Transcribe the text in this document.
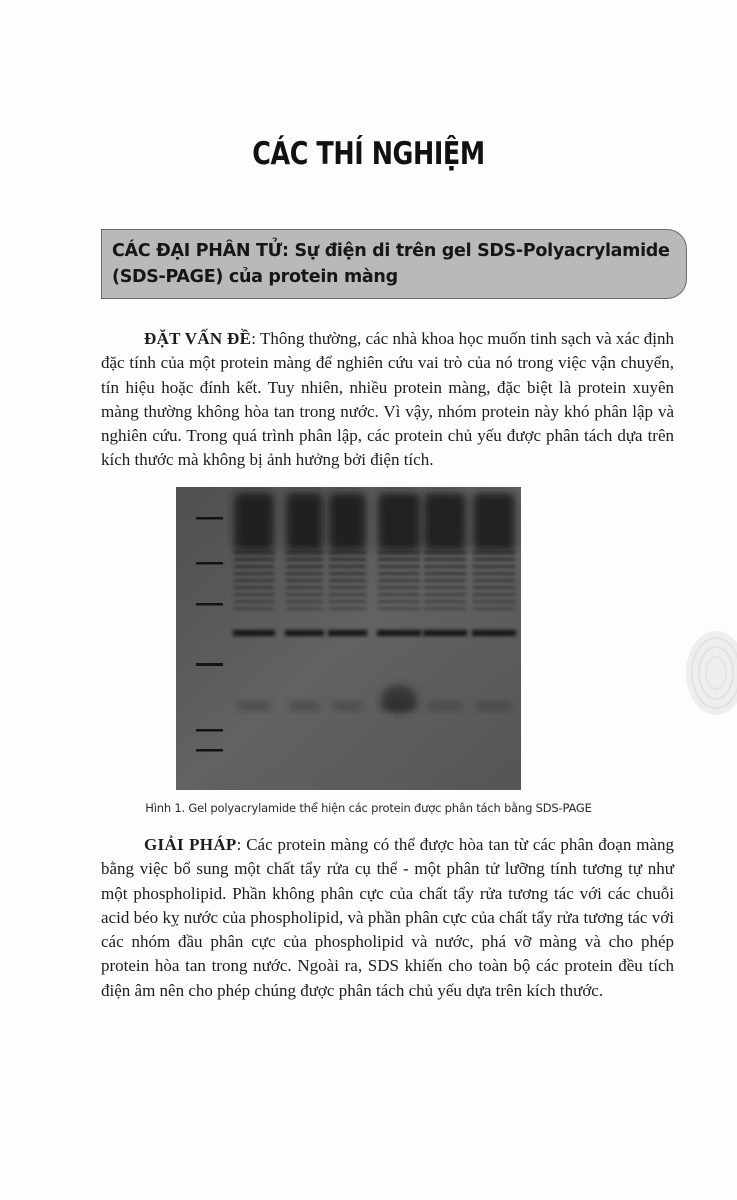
CÁC THÍ NGHIỆM
CÁC ĐẠI PHÂN TỬ: Sự điện di trên gel SDS-Polyacrylamide (SDS-PAGE) của protein màng
ĐẶT VẤN ĐỀ: Thông thường, các nhà khoa học muốn tinh sạch và xác định đặc tính của một protein màng để nghiên cứu vai trò của nó trong việc vận chuyển, tín hiệu hoặc đính kết. Tuy nhiên, nhiều protein màng, đặc biệt là protein xuyên màng thường không hòa tan trong nước. Vì vậy, nhóm protein này khó phân lập và nghiên cứu. Trong quá trình phân lập, các protein chủ yếu được phân tách dựa trên kích thước mà không bị ảnh hưởng bởi điện tích.
Hình 1. Gel polyacrylamide thể hiện các protein được phân tách bằng SDS-PAGE
GIẢI PHÁP: Các protein màng có thể được hòa tan từ các phân đoạn màng bằng việc bổ sung một chất tẩy rửa cụ thể - một phân tử lưỡng tính tương tự như một phospholipid. Phần không phân cực của chất tẩy rửa tương tác với các chuỗi acid béo kỵ nước của phospholipid, và phần phân cực của chất tẩy rửa tương tác với các nhóm đầu phân cực của phospholipid và nước, phá vỡ màng và cho phép protein hòa tan trong nước. Ngoài ra, SDS khiến cho toàn bộ các protein đều tích điện âm nên cho phép chúng được phân tách chủ yếu dựa trên kích thước.
